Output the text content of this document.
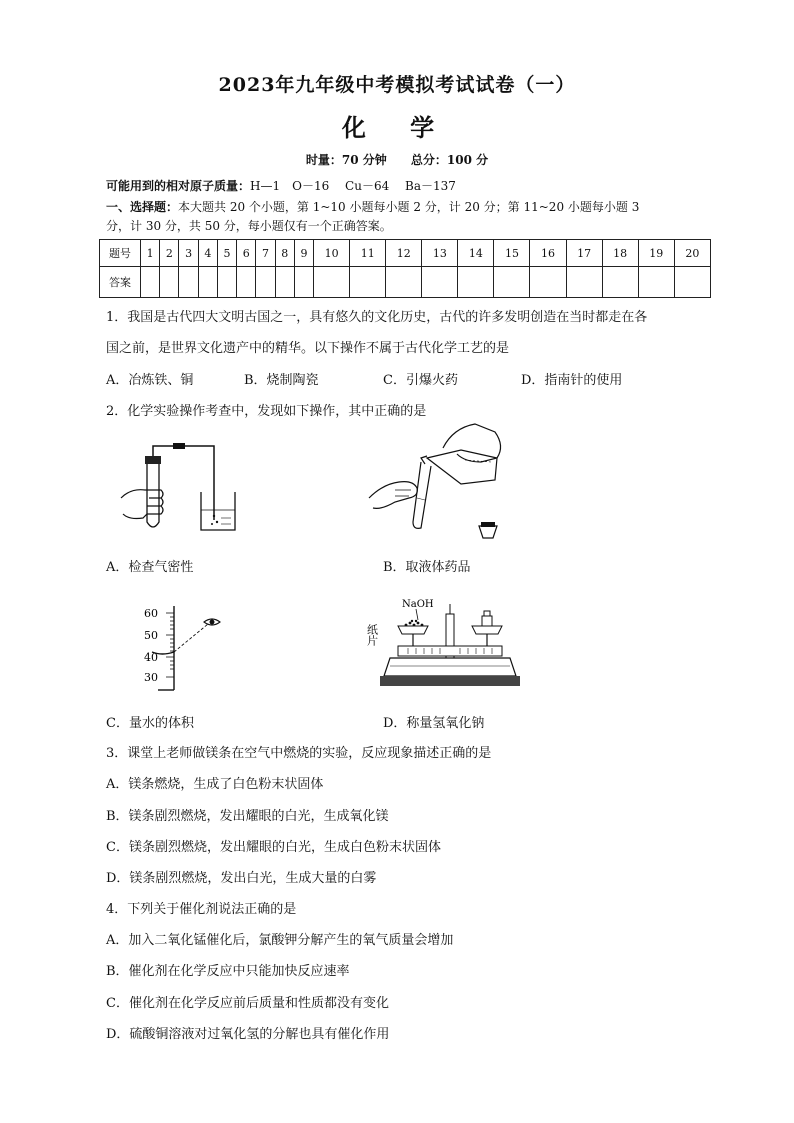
2023年九年级中考模拟考试试卷（一）
化 学
时量：70 分钟 总分：100 分
可能用到的相对原子质量：H—1　O－16　 Cu－64　 Ba－137
一、选择题：本大题共 20 个小题，第 1~10 小题每小题 2 分，计 20 分；第 11~20 小题每小题 3
分，计 30 分，共 50 分，每小题仅有一个正确答案。
题号	1	2	3	4	5	6	7	8	9	10	11	12	13	14	15	16	17	18	19	20
答案																				
1．我国是古代四大文明古国之一，具有悠久的文化历史，古代的许多发明创造在当时都走在各
国之前，是世界文化遗产中的精华。以下操作不属于古代化学工艺的是
A．冶炼铁、铜	B．烧制陶瓷	C．引爆火药	D．指南针的使用
2．化学实验操作考查中，发现如下操作，其中正确的是
A．检查气密性	B．取液体药品
60
50
40
30
NaOH
纸片
C．量水的体积	D．称量氢氧化钠
3．课堂上老师做镁条在空气中燃烧的实验，反应现象描述正确的是
A．镁条燃烧，生成了白色粉末状固体
B．镁条剧烈燃烧，发出耀眼的白光，生成氧化镁
C．镁条剧烈燃烧，发出耀眼的白光，生成白色粉末状固体
D．镁条剧烈燃烧，发出白光，生成大量的白雾
4．下列关于催化剂说法正确的是
A．加入二氧化锰催化后，氯酸钾分解产生的氧气质量会增加
B．催化剂在化学反应中只能加快反应速率
C．催化剂在化学反应前后质量和性质都没有变化
D．硫酸铜溶液对过氧化氢的分解也具有催化作用
